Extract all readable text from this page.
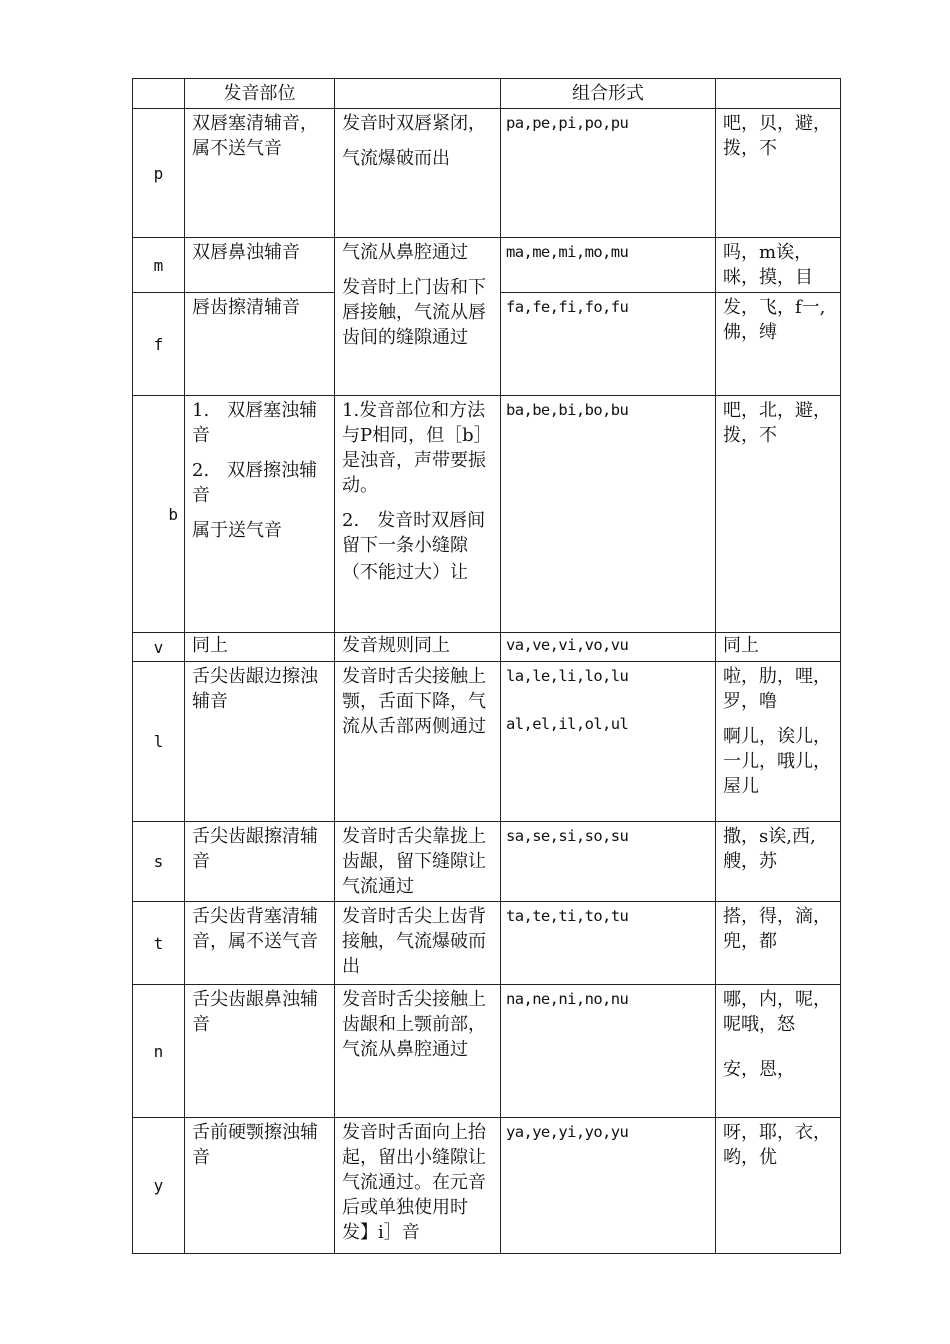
	发音部位		组合形式	
p	双唇塞清辅音，属不送气音	发音时双唇紧闭，
气流爆破而出	pa,pe,pi,po,pu	吧，贝，避，拨，不

m	双唇鼻浊辅音	气流从鼻腔通过
发音时上门齿和下唇接触，气流从唇齿间的缝隙通过	ma,me,mi,mo,mu	吗，m诶，咪，摸，目

f	唇齿擦清辅音		fa,fe,fi,fo,fu	发，飞，f一,佛，缚

b	1.　双唇塞浊辅音
2.　双唇擦浊辅音
属于送气音	1.发音部位和方法与P相同，但［b］是浊音，声带要振动。
2.　发音时双唇间留下一条小缝隙
（不能过大）让	ba,be,bi,bo,bu	吧，北，避，拨，不

v	同上	发音规则同上	va,ve,vi,vo,vu	同上

l	舌尖齿龈边擦浊辅音	发音时舌尖接触上颚，舌面下降，气流从舌部两侧通过	la,le,li,lo,lu
al,el,il,ol,ul	啦，肋，哩，罗，噜
啊儿，诶儿，一儿，哦儿，屋儿

s	舌尖齿龈擦清辅音	发音时舌尖靠拢上齿龈，留下缝隙让气流通过	sa,se,si,so,su	撒，s诶,西,艘，苏

t	舌尖齿背塞清辅音，属不送气音	发音时舌尖上齿背接触，气流爆破而出	ta,te,ti,to,tu	搭，得，滴，兜，都

n	舌尖齿龈鼻浊辅音	发音时舌尖接触上齿龈和上颚前部，气流从鼻腔通过	na,ne,ni,no,nu	哪，内，呢，呢哦，怒
安，恩，

y	舌前硬颚擦浊辅音	发音时舌面向上抬起，留出小缝隙让气流通过。在元音后或单独使用时发】i］音	ya,ye,yi,yo,yu	呀，耶，衣，哟，优
